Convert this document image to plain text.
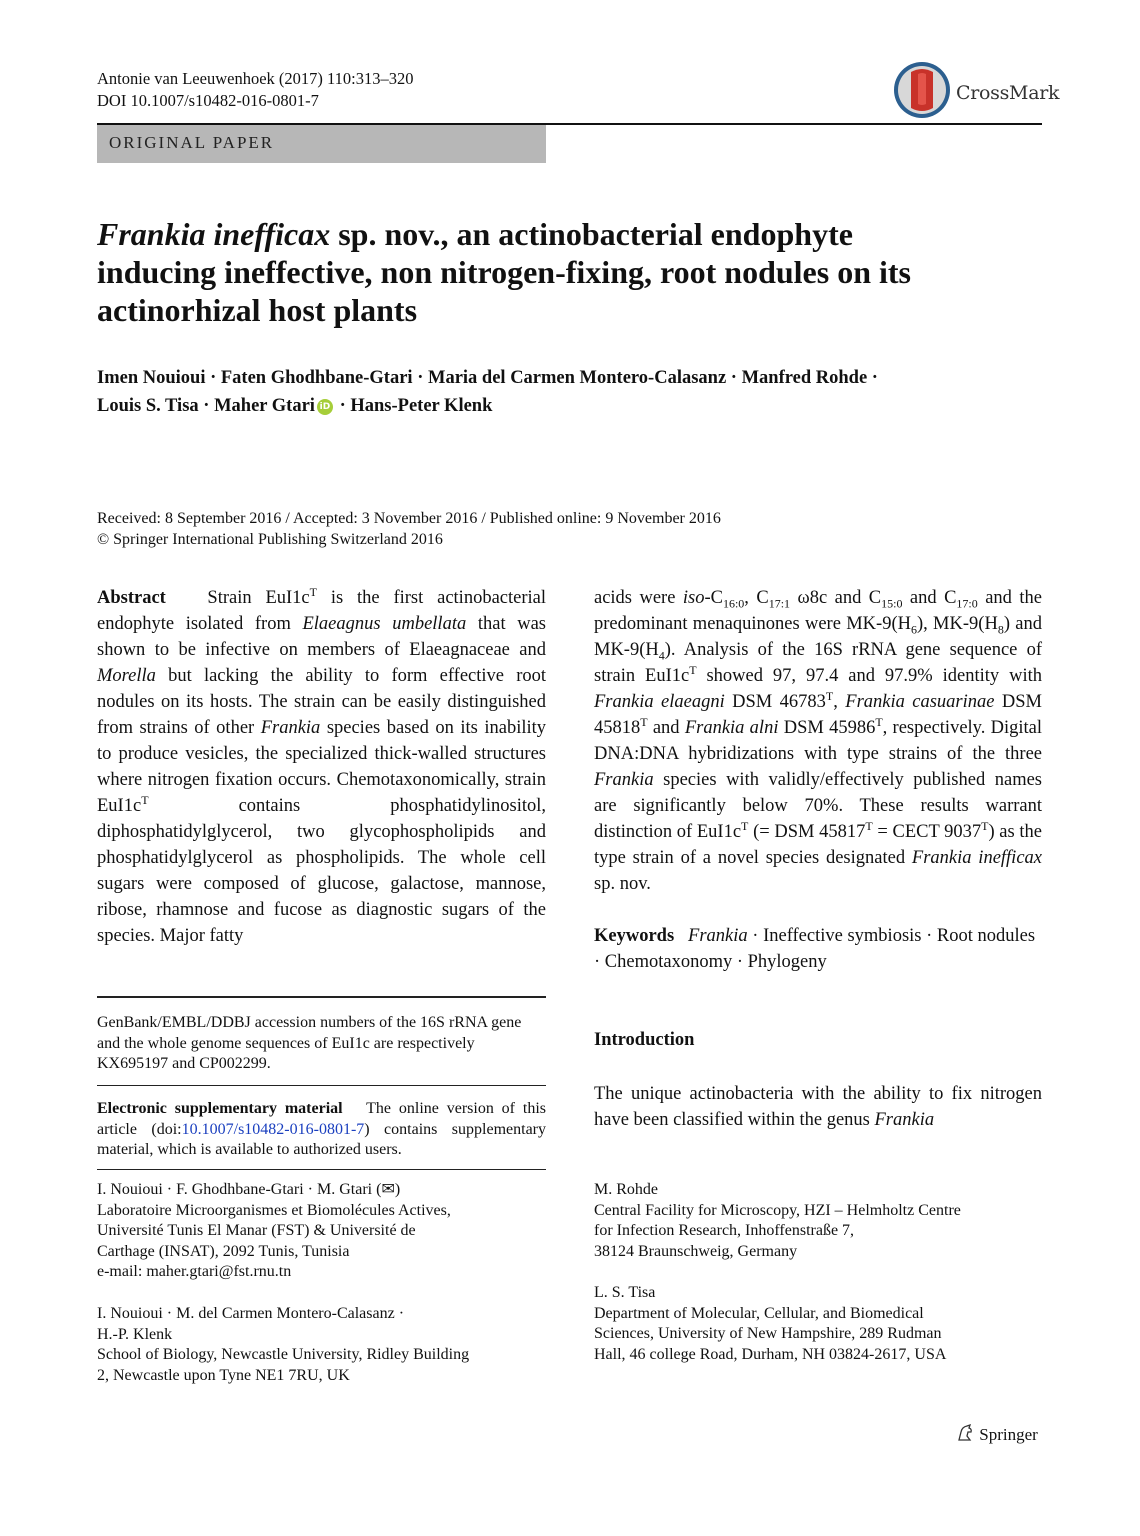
Antonie van Leeuwenhoek (2017) 110:313–320
DOI 10.1007/s10482-016-0801-7	CrossMark
ORIGINAL PAPER
Frankia inefficax sp. nov., an actinobacterial endophyte
inducing ineffective, non nitrogen-fixing, root nodules on its
actinorhizal host plants
Imen Nouioui · Faten Ghodhbane-Gtari · Maria del Carmen Montero-Calasanz · Manfred Rohde ·
Louis S. Tisa · Maher Gtari iD · Hans-Peter Klenk
Received: 8 September 2016 / Accepted: 3 November 2016 / Published online: 9 November 2016
© Springer International Publishing Switzerland 2016

Abstract Strain $EuI1c^T$ is the first actinobacterial endophyte isolated from Elaeagnus umbellata that was shown to be infective on members of Elaeagnaceae and Morella but lacking the ability to form effective root nodules on its hosts. The strain can be easily distinguished from strains of other Frankia species based on its inability to produce vesicles, the specialized thick-walled structures where nitrogen fixation occurs. Chemotaxonomically, strain $EuI1c^T$ contains phosphatidylinositol, diphosphatidylglycerol, two glycophospholipids and phosphatidylglycerol as phospholipids. The whole cell sugars were composed of glucose, galactose, mannose, ribose, rhamnose and fucose as diagnostic sugars of the species. Major fatty

acids were iso-$C_{16:0}$, $C_{17:1}$ ω8c and $C_{15:0}$ and $C_{17:0}$ and the predominant menaquinones were $MK-9(H_6)$, $MK-9(H_8)$ and $MK-9(H_4)$. Analysis of the 16S rRNA gene sequence of strain $EuI1c^T$ showed 97, 97.4 and 97.9% identity with Frankia elaeagni DSM $46783^T$, Frankia casuarinae DSM $45818^T$ and Frankia alni DSM $45986^T$, respectively. Digital DNA:DNA hybridizations with type strains of the three Frankia species with validly/effectively published names are significantly below 70%. These results warrant distinction of $EuI1c^T$ (= DSM $45817^T$ = CECT $9037^T$) as the type strain of a novel species designated Frankia inefficax sp. nov.

Keywords Frankia · Ineffective symbiosis · Root nodules · Chemotaxonomy · Phylogeny
Introduction
The unique actinobacteria with the ability to fix nitrogen have been classified within the genus Frankia
GenBank/EMBL/DDBJ accession numbers of the 16S rRNA gene and the whole genome sequences of EuI1c are respectively KX695197 and CP002299.
Electronic supplementary material The online version of this article (doi:10.1007/s10482-016-0801-7) contains supplementary material, which is available to authorized users.
I. Nouioui · F. Ghodhbane-Gtari · M. Gtari (✉)
Laboratoire Microorganismes et Biomolécules Actives,
Université Tunis El Manar (FST) & Université de
Carthage (INSAT), 2092 Tunis, Tunisia
e-mail: maher.gtari@fst.rnu.tn
I. Nouioui · M. del Carmen Montero-Calasanz ·
H.-P. Klenk
School of Biology, Newcastle University, Ridley Building
2, Newcastle upon Tyne NE1 7RU, UK
M. Rohde
Central Facility for Microscopy, HZI – Helmholtz Centre
for Infection Research, Inhoffenstraße 7,
38124 Braunschweig, Germany
L. S. Tisa
Department of Molecular, Cellular, and Biomedical
Sciences, University of New Hampshire, 289 Rudman
Hall, 46 college Road, Durham, NH 03824-2617, USA
Springer
